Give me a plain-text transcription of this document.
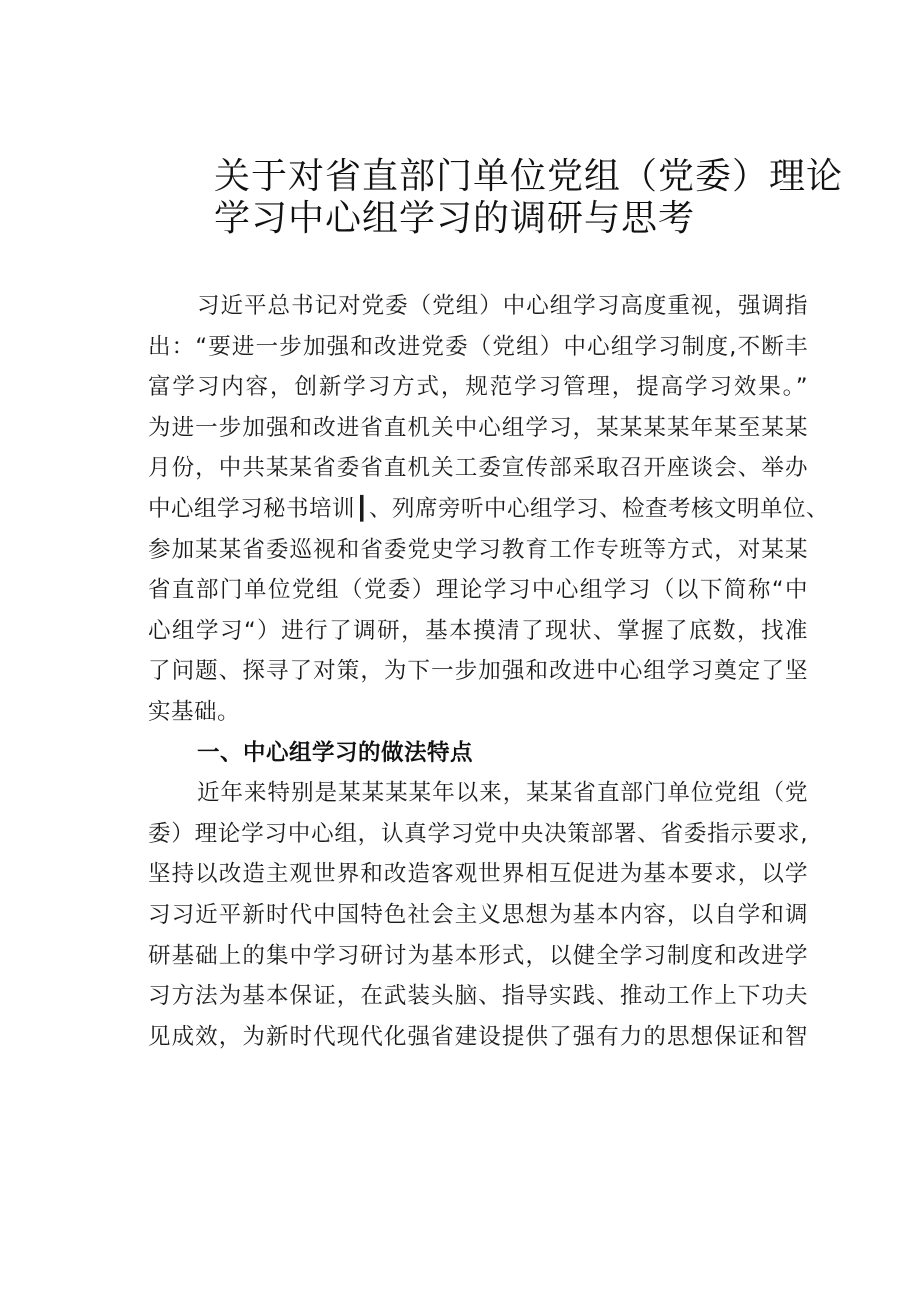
关于对省直部门单位党组（党委）理论
学习中心组学习的调研与思考

习近平总书记对党委（党组）中心组学习高度重视，强调指
出：“要进一步加强和改进党委（党组）中心组学习制度,不断丰
富学习内容，创新学习方式，规范学习管理，提高学习效果。”
为进一步加强和改进省直机关中心组学习，某某某某年某至某某
月份，中共某某省委省直机关工委宣传部采取召开座谈会、举办
中心组学习秘书培训┃、列席旁听中心组学习、检查考核文明单位、
参加某某省委巡视和省委党史学习教育工作专班等方式，对某某
省直部门单位党组（党委）理论学习中心组学习（以下简称“中
心组学习“）进行了调研，基本摸清了现状、掌握了底数，找准
了问题、探寻了对策，为下一步加强和改进中心组学习奠定了坚
实基础。

一、中心组学习的做法特点

近年来特别是某某某某年以来，某某省直部门单位党组（党
委）理论学习中心组，认真学习党中央决策部署、省委指示要求,
坚持以改造主观世界和改造客观世界相互促进为基本要求，以学
习习近平新时代中国特色社会主义思想为基本内容，以自学和调
研基础上的集中学习研讨为基本形式，以健全学习制度和改进学
习方法为基本保证，在武装头脑、指导实践、推动工作上下功夫
见成效，为新时代现代化强省建设提供了强有力的思想保证和智
